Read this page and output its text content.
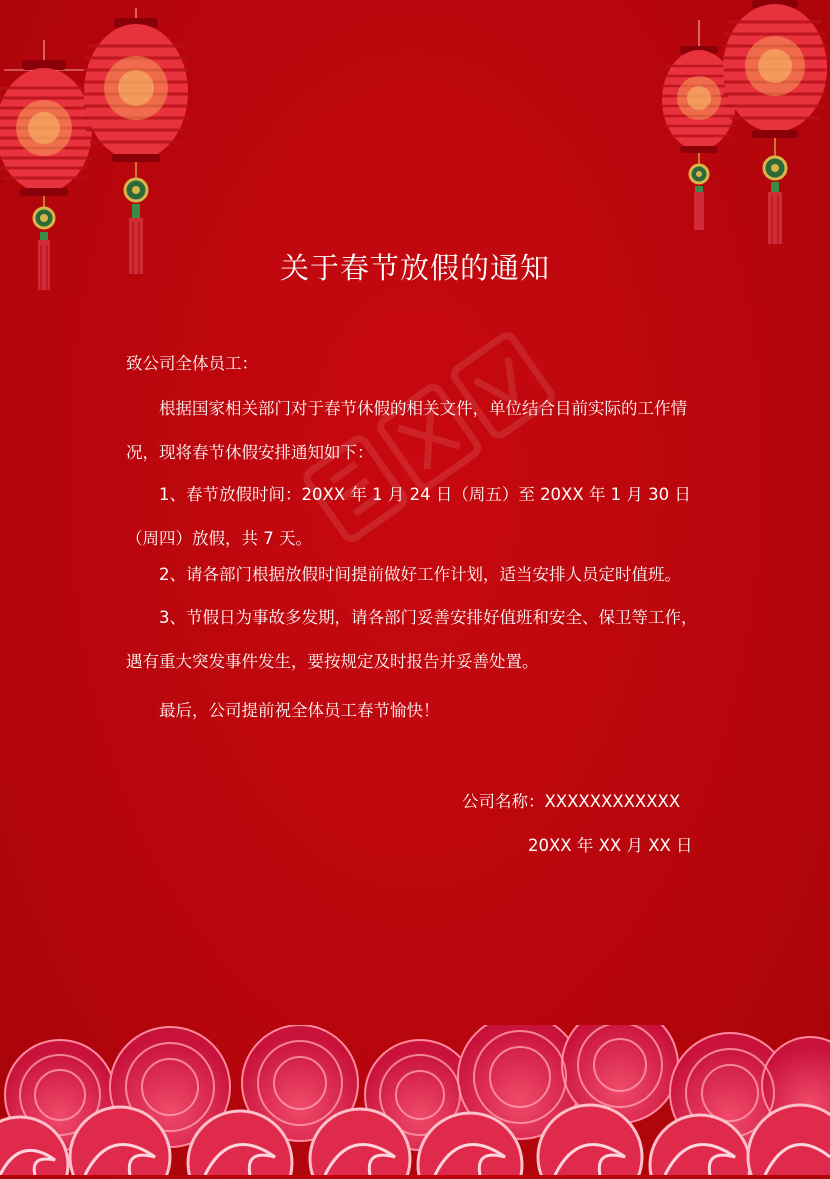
关于春节放假的通知
致公司全体员工：
根据国家相关部门对于春节休假的相关文件，单位结合目前实际的工作情况，现将春节休假安排通知如下：
1、春节放假时间：20XX 年 1 月 24 日（周五）至 20XX 年 1 月 30 日（周四）放假，共 7 天。
2、请各部门根据放假时间提前做好工作计划，适当安排人员定时值班。
3、节假日为事故多发期，请各部门妥善安排好值班和安全、保卫等工作，遇有重大突发事件发生，要按规定及时报告并妥善处置。
最后，公司提前祝全体员工春节愉快！
公司名称：XXXXXXXXXXXX
20XX 年 XX 月 XX 日
